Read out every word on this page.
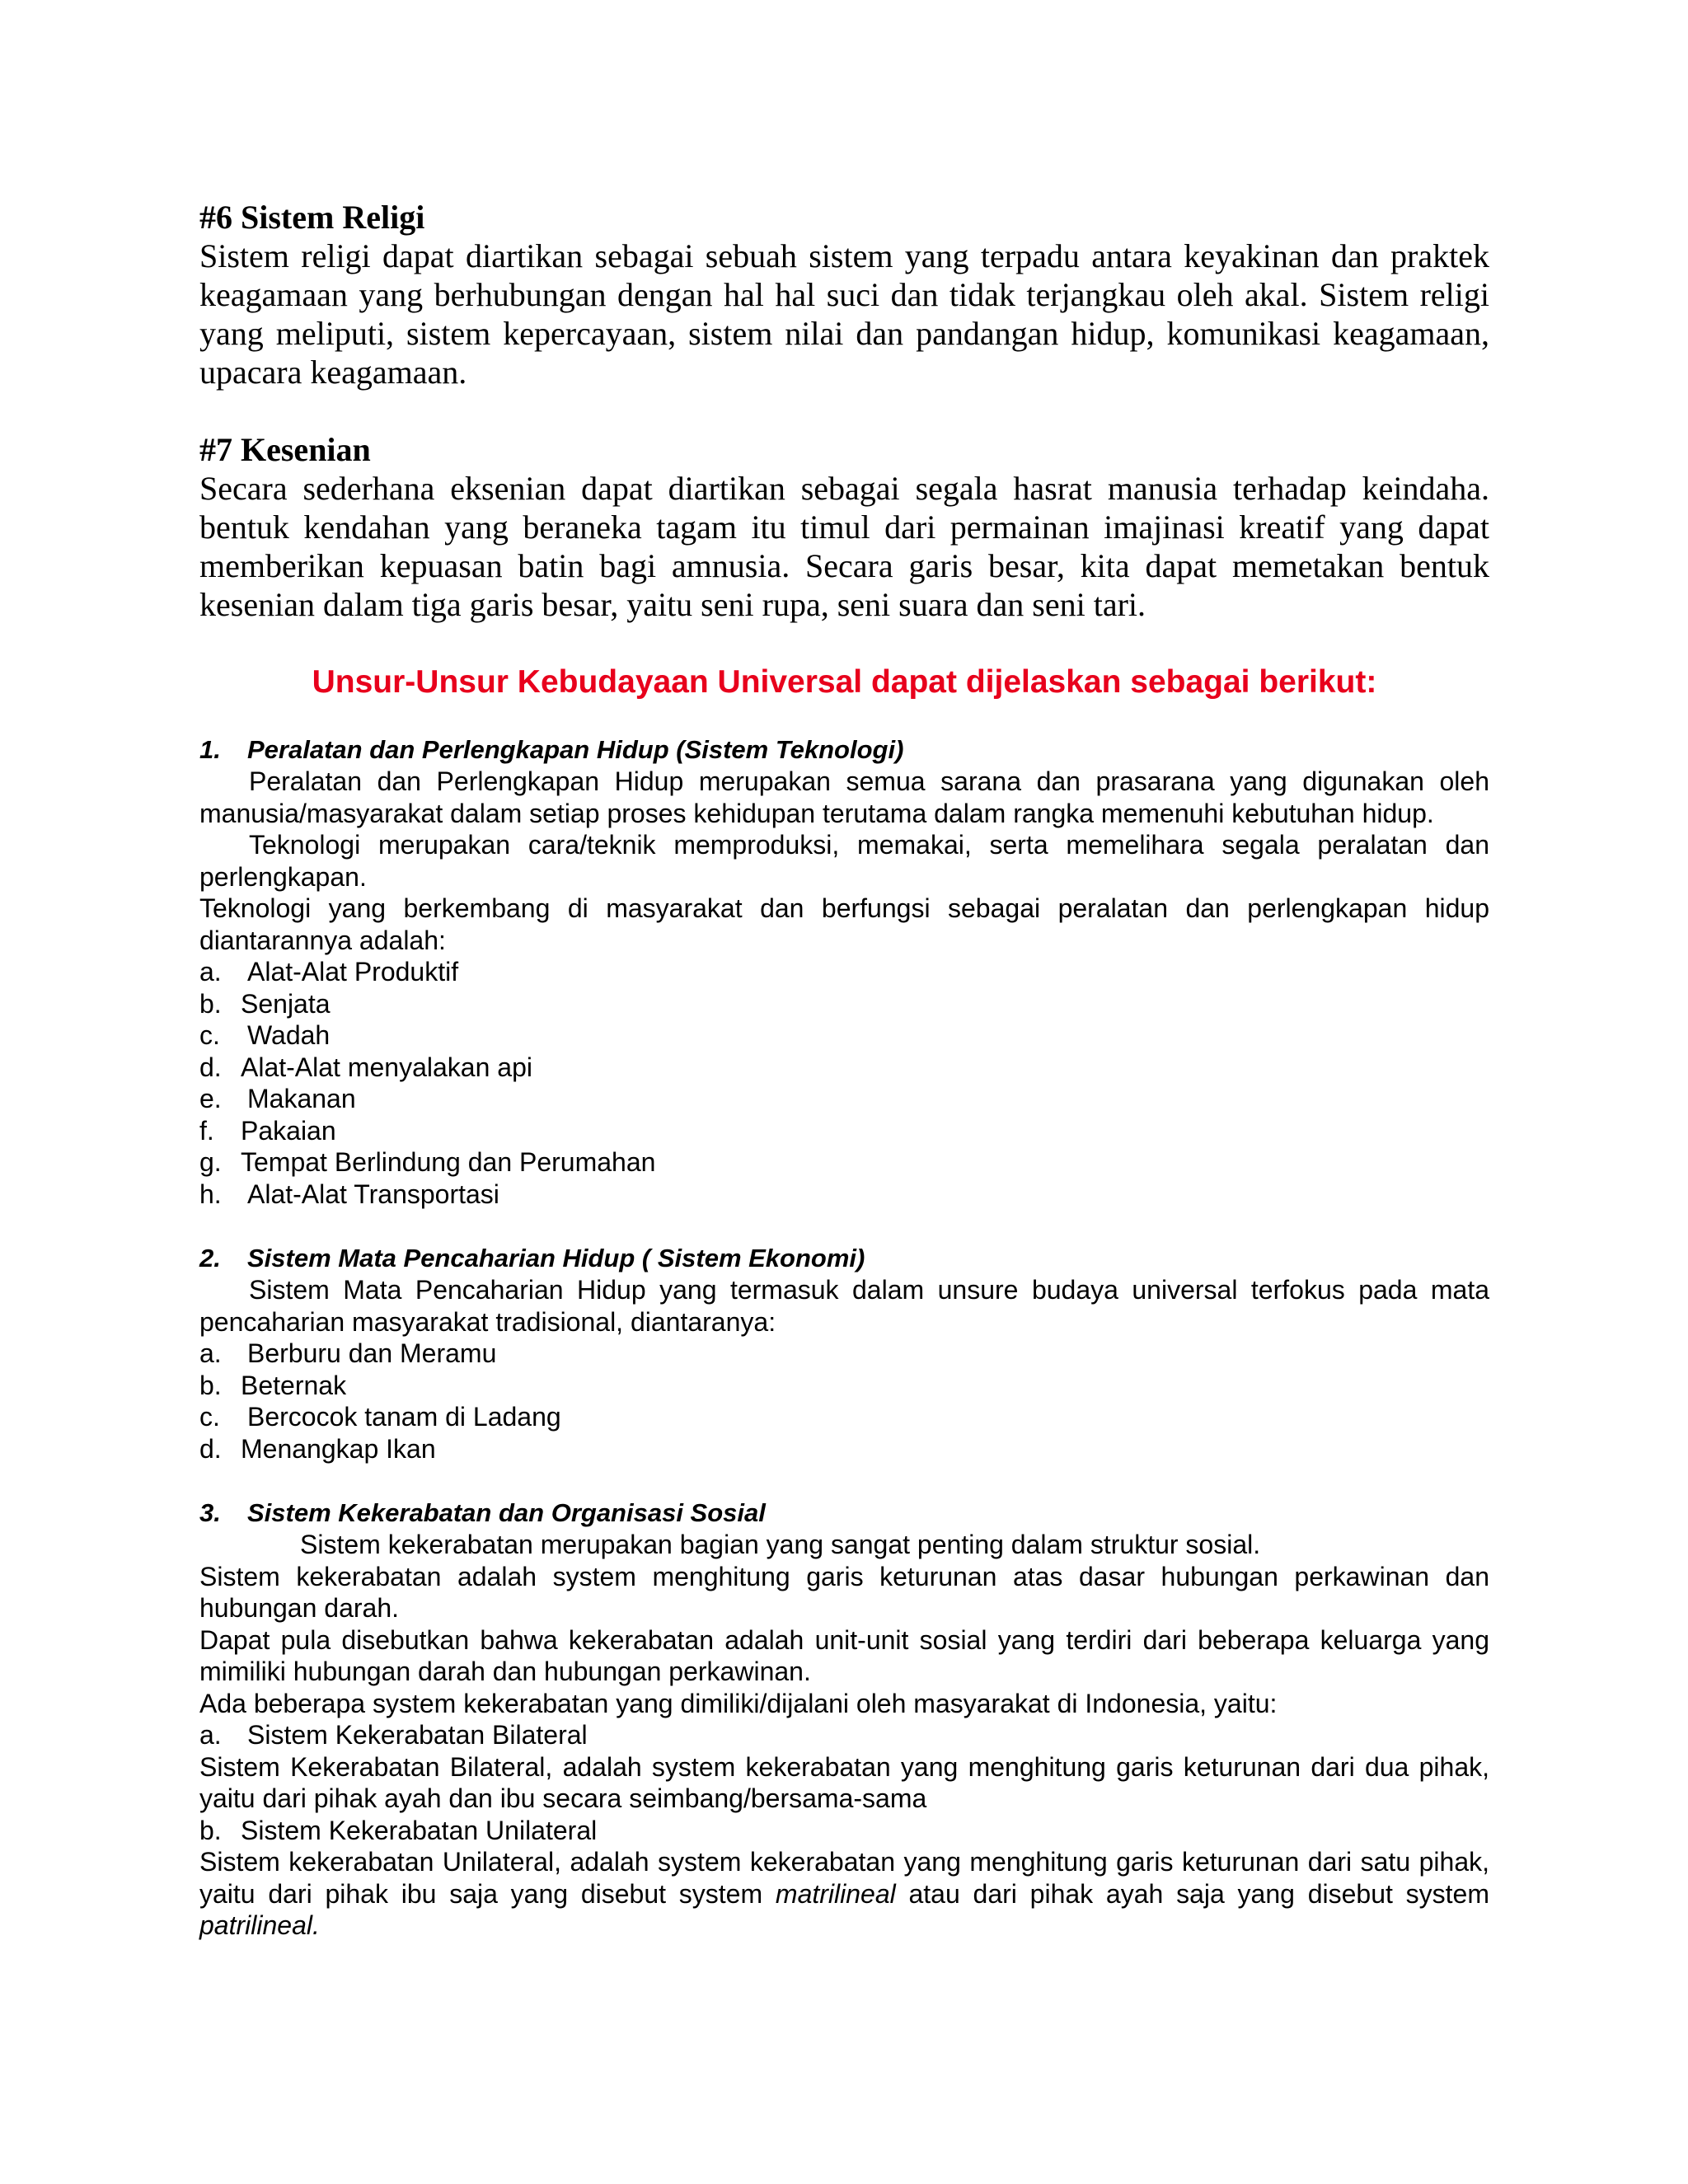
#6 Sistem Religi

Sistem religi dapat diartikan sebagai sebuah sistem yang terpadu antara keyakinan dan praktek keagamaan yang berhubungan dengan hal hal suci dan tidak terjangkau oleh akal. Sistem religi yang meliputi, sistem kepercayaan, sistem nilai dan pandangan hidup, komunikasi keagamaan, upacara keagamaan.

#7 Kesenian

Secara sederhana eksenian dapat diartikan sebagai segala hasrat manusia terhadap keindaha. bentuk kendahan yang beraneka tagam itu timul dari permainan imajinasi kreatif yang dapat memberikan kepuasan batin bagi amnusia. Secara garis besar, kita dapat memetakan bentuk kesenian dalam tiga garis besar, yaitu seni rupa, seni suara dan seni tari.

Unsur-Unsur Kebudayaan Universal dapat dijelaskan sebagai berikut:

1. Peralatan dan Perlengkapan Hidup (Sistem Teknologi)

Peralatan dan Perlengkapan Hidup merupakan semua sarana dan prasarana yang digunakan oleh manusia/masyarakat dalam setiap proses kehidupan terutama dalam rangka memenuhi kebutuhan hidup.

Teknologi merupakan cara/teknik memproduksi, memakai, serta memelihara segala peralatan dan perlengkapan.

Teknologi yang berkembang di masyarakat dan berfungsi sebagai peralatan dan perlengkapan hidup diantarannya adalah:

a. Alat-Alat Produktif
b. Senjata
c. Wadah
d. Alat-Alat menyalakan api
e. Makanan
f. Pakaian
g. Tempat Berlindung dan Perumahan
h. Alat-Alat Transportasi

2. Sistem Mata Pencaharian Hidup ( Sistem Ekonomi)

Sistem Mata Pencaharian Hidup yang termasuk dalam unsure budaya universal terfokus pada mata pencaharian masyarakat tradisional, diantaranya:

a. Berburu dan Meramu
b. Beternak
c. Bercocok tanam di Ladang
d. Menangkap Ikan

3. Sistem Kekerabatan dan Organisasi Sosial

Sistem kekerabatan merupakan bagian yang sangat penting dalam struktur sosial.

Sistem kekerabatan adalah system menghitung garis keturunan atas dasar hubungan perkawinan dan hubungan darah.

Dapat pula disebutkan bahwa kekerabatan adalah unit-unit sosial yang terdiri dari beberapa keluarga yang mimiliki hubungan darah dan hubungan perkawinan.

Ada beberapa system kekerabatan yang dimiliki/dijalani oleh masyarakat di Indonesia, yaitu:

a. Sistem Kekerabatan Bilateral

Sistem Kekerabatan Bilateral, adalah system kekerabatan yang menghitung garis keturunan dari dua pihak, yaitu dari pihak ayah dan ibu secara seimbang/bersama-sama

b. Sistem Kekerabatan Unilateral

Sistem kekerabatan Unilateral, adalah system kekerabatan yang menghitung garis keturunan dari satu pihak, yaitu dari pihak ibu saja yang disebut system matrilineal atau dari pihak ayah saja yang disebut system patrilineal.
